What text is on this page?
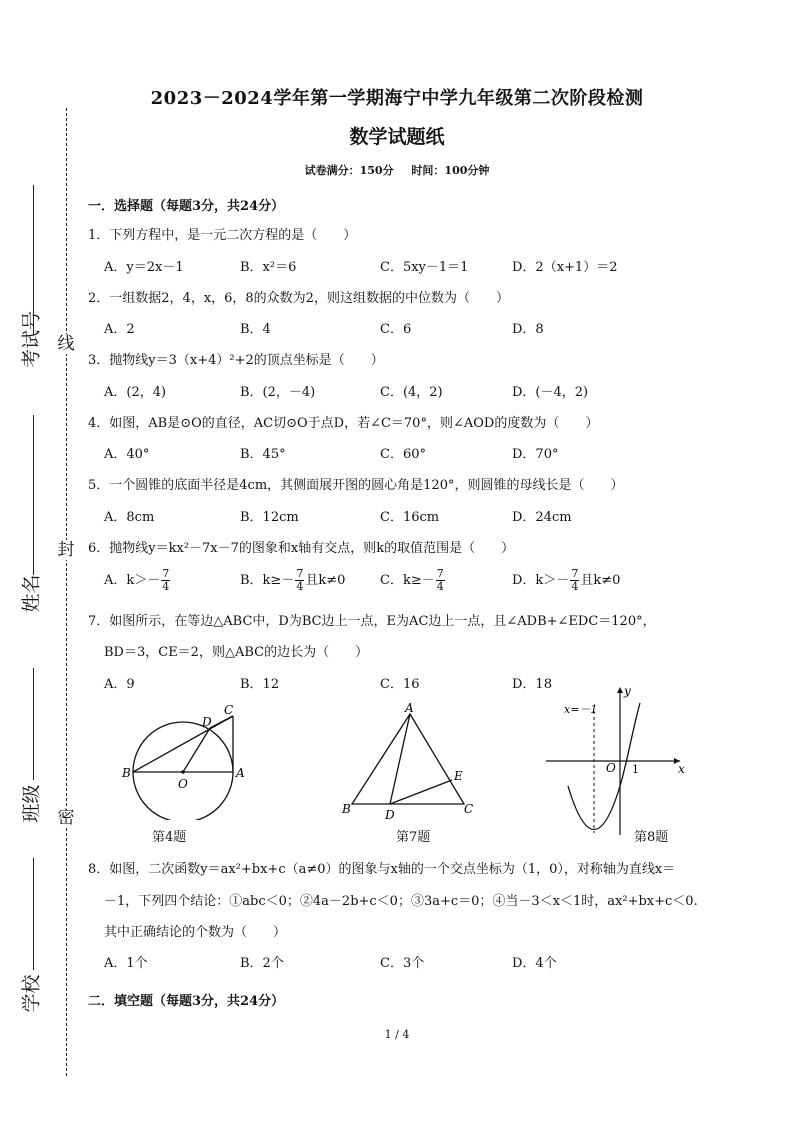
线
封
密
考试号
姓名
班级
学校
2023－2024学年第一学期海宁中学九年级第二次阶段检测
数学试题纸
试卷满分：150分 时间：100分钟
一．选择题（每题3分，共24分）
1．下列方程中，是一元二次方程的是（　　）
A．y＝2x－1	B．x²＝6	C．5xy－1＝1	D．2（x+1）＝2
2．一组数据2，4，x，6，8的众数为2，则这组数据的中位数为（　　）
A．2	B．4	C．6	D．8
3．抛物线y＝3（x+4）²+2的顶点坐标是（　　）
A．(2，4)	B．(2，－4)	C．(4，2)	D．(－4，2)
4．如图，AB是⊙O的直径，AC切⊙O于点D，若∠C＝70°，则∠AOD的度数为（　　）
A．40°	B．45°	C．60°	D．70°
5．一个圆锥的底面半径是4cm，其侧面展开图的圆心角是120°，则圆锥的母线长是（　　）
A．8cm	B．12cm	C．16cm	D．24cm
6．抛物线y＝kx²－7x－7的图象和x轴有交点，则k的取值范围是（　　）
A．$k>- \frac{7}{4}$	B．$k\ge- \frac{7}{4}$ 且k≠0	C．$k\ge- \frac{7}{4}$	D．$k>- \frac{7}{4}$ 且k≠0
7．如图所示，在等边△ABC中，D为BC边上一点，E为AC边上一点，且∠ADB+∠EDC＝120°，
BD＝3，CE＝2，则△ABC的边长为（　　）
A．9	B．12	C．16	D．18
D
C
B
O
A
第4题
A
E
B	D	C
第7题
y
x=－1
O 1	x
第8题
8．如图，二次函数y＝ax²+bx+c（a≠0）的图象与x轴的一个交点坐标为（1，0），对称轴为直线x＝
－1，下列四个结论：①abc＜0；②4a－2b+c＜0；③3a+c＝0；④当－3＜x＜1时，ax²+bx+c＜0.
其中正确结论的个数为（　　）
A．1个	B．2个	C．3个	D．4个
二．填空题（每题3分，共24分）
1 / 4
